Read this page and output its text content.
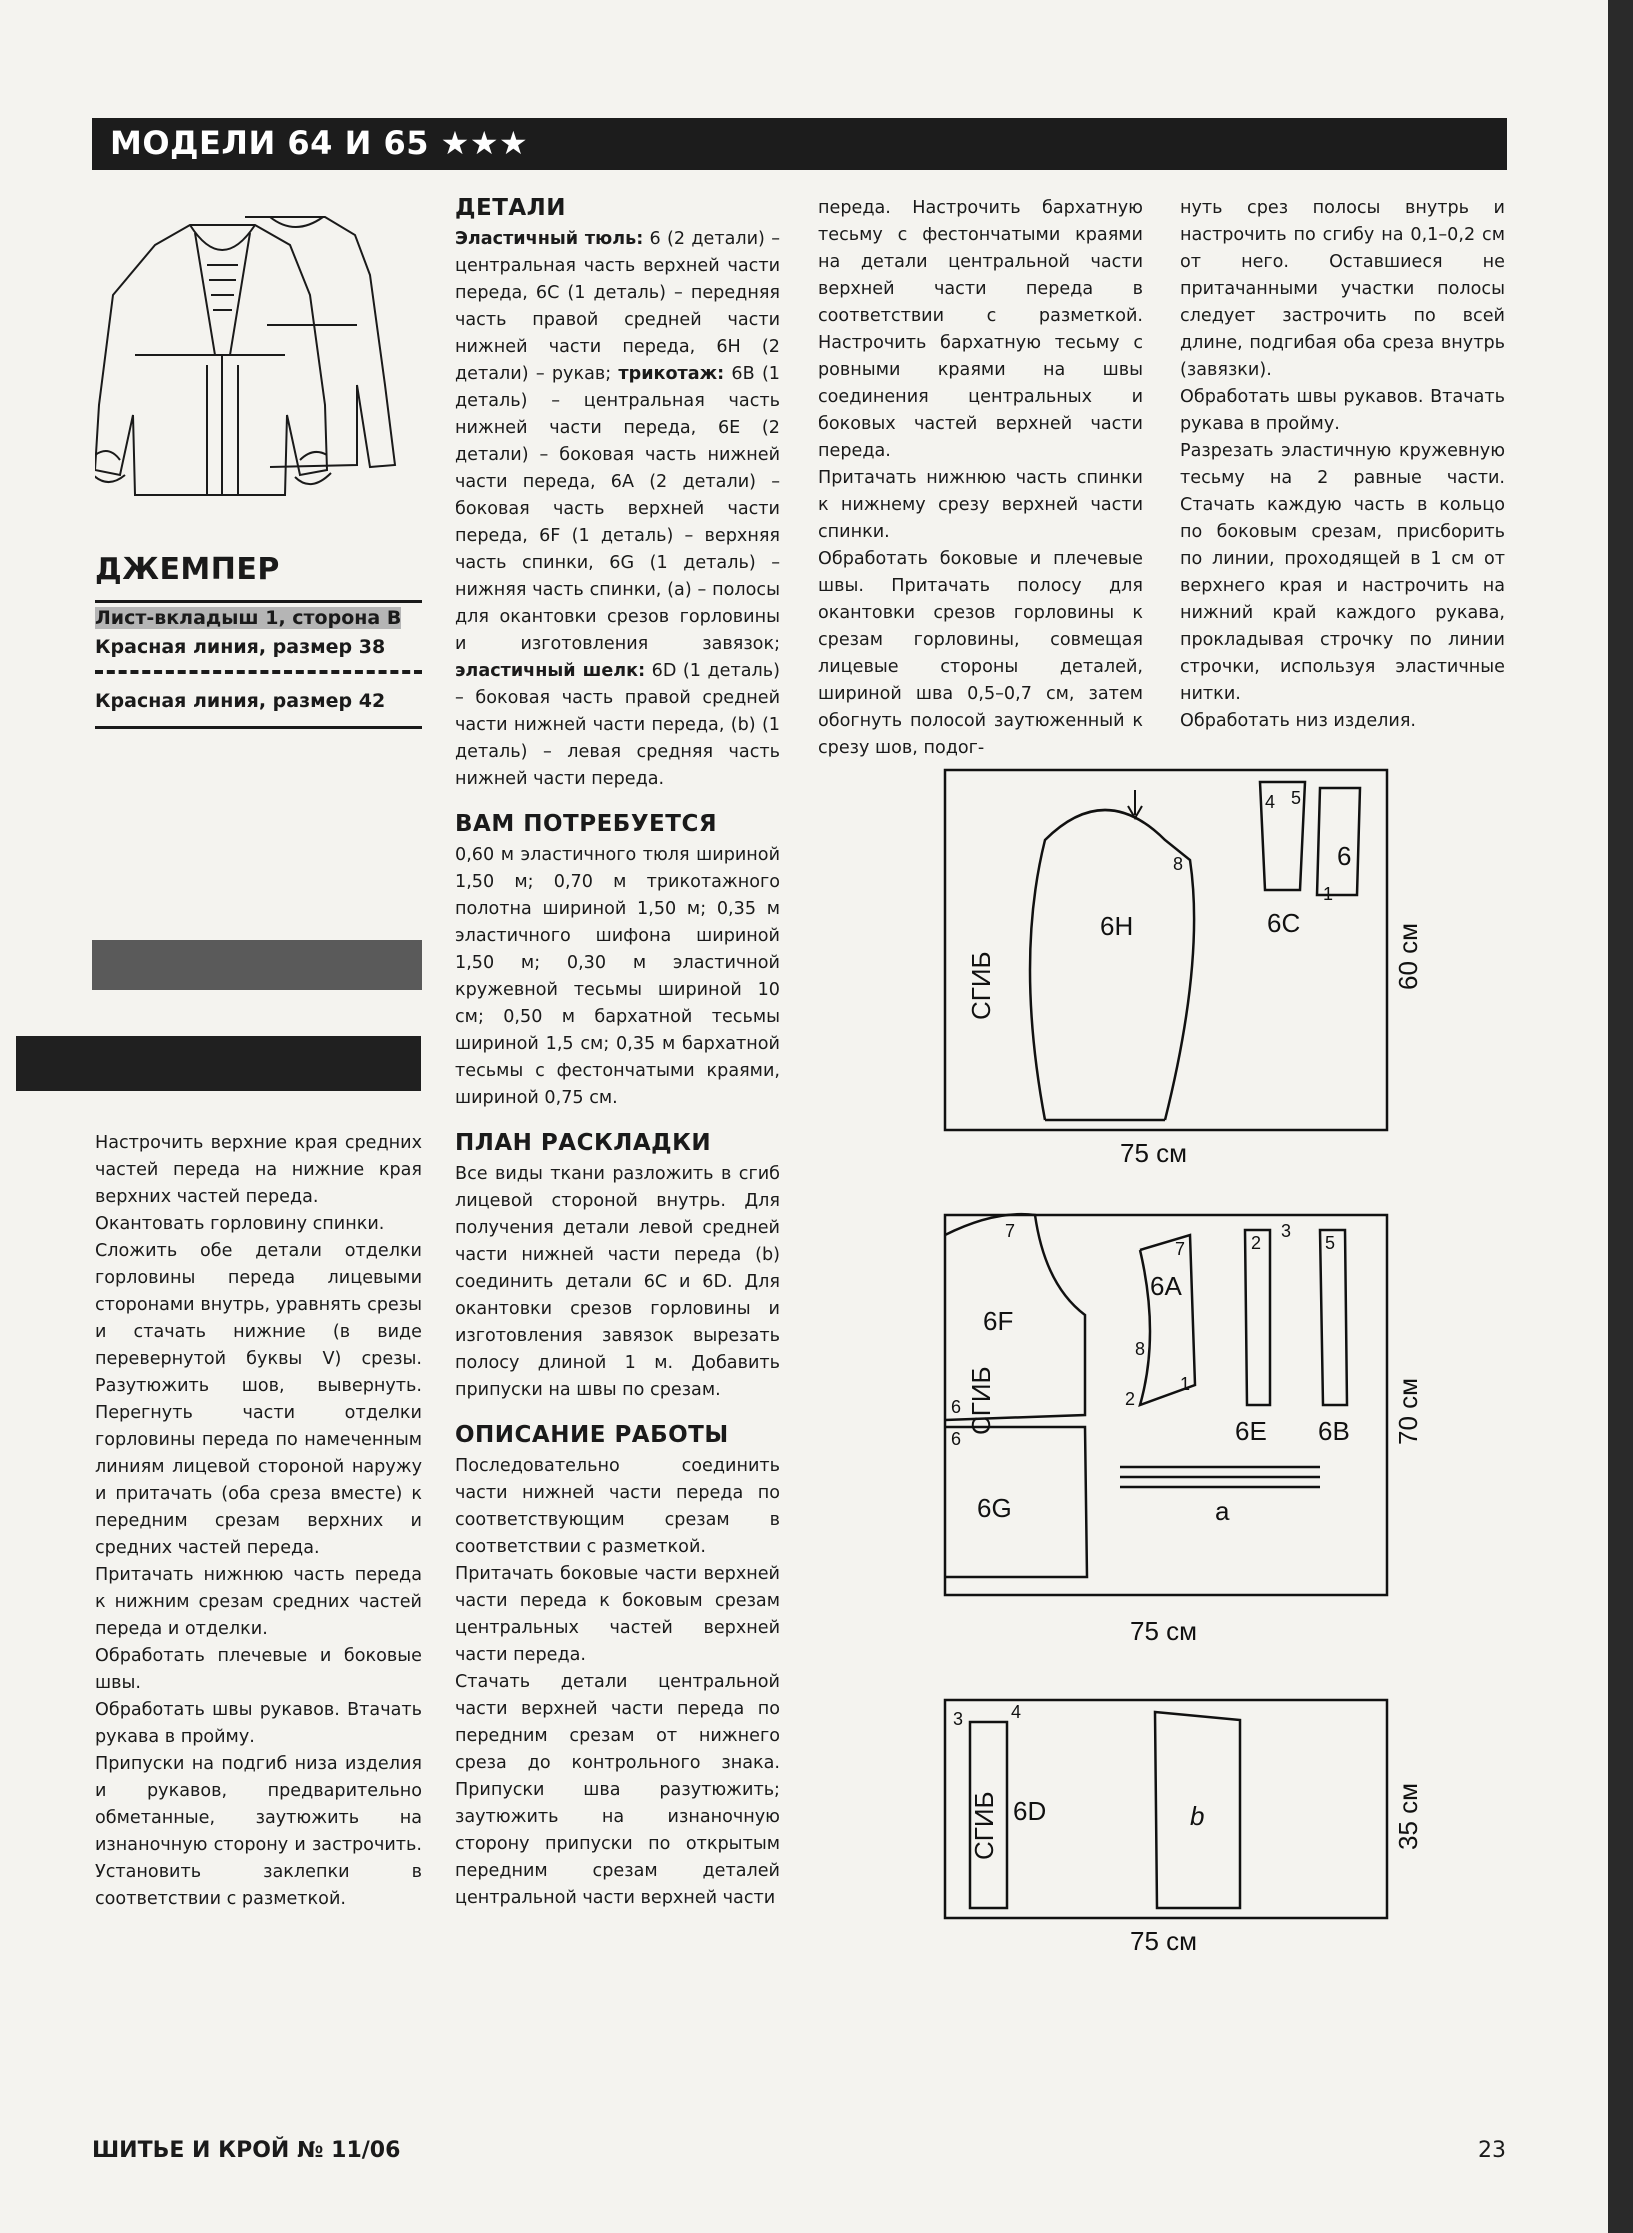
МОДЕЛИ 64 И 65 ★★★
ДЖЕМПЕР
Лист-вкладыш 1, сторона В
Красная линия, размер 38
Красная линия, размер 42

Настрочить верхние края средних частей переда на нижние края верхних частей переда.

Окантовать горловину спинки.

Сложить обе детали отделки горловины переда лицевыми сторонами внутрь, уравнять срезы и стачать нижние (в виде перевернутой буквы V) срезы. Разутюжить шов, вывернуть. Перегнуть части отделки горловины переда по намеченным линиям лицевой стороной наружу и притачать (оба среза вместе) к передним срезам верхних и средних частей переда.

Притачать нижнюю часть переда к нижним срезам средних частей переда и отделки.

Обработать плечевые и боковые швы.

Обработать швы рукавов. Втачать рукава в пройму.

Припуски на подгиб низа изделия и рукавов, предварительно обметанные, заутюжить на изнаночную сторону и застрочить. Установить заклепки в соответствии с разметкой.

ДЕТАЛИ

Эластичный тюль: 6 (2 детали) – центральная часть верхней части переда, 6С (1 деталь) – передняя часть правой средней части нижней части переда, 6Н (2 детали) – рукав; трикотаж: 6В (1 деталь) – центральная часть нижней части переда, 6Е (2 детали) – боковая часть нижней части переда, 6А (2 детали) – боковая часть верхней части переда, 6F (1 деталь) – верхняя часть спинки, 6G (1 деталь) – нижняя часть спинки, (а) – полосы для окантовки срезов горловины и изготовления завязок; эластичный шелк: 6D (1 деталь) – боковая часть правой средней части нижней части переда, (b) (1 деталь) – левая средняя часть нижней части переда.

ВАМ ПОТРЕБУЕТСЯ

0,60 м эластичного тюля шириной 1,50 м; 0,70 м трикотажного полотна шириной 1,50 м; 0,35 м эластичного шифона шириной 1,50 м; 0,30 м эластичной кружевной тесьмы шириной 10 см; 0,50 м бархатной тесьмы шириной 1,5 см; 0,35 м бархатной тесьмы с фестончатыми краями, шириной 0,75 см.

ПЛАН РАСКЛАДКИ

Все виды ткани разложить в сгиб лицевой стороной внутрь. Для получения детали левой средней части нижней части переда (b) соединить детали 6С и 6D. Для окантовки срезов горловины и изготовления завязок вырезать полосу длиной 1 м. Добавить припуски на швы по срезам.

ОПИСАНИЕ РАБОТЫ

Последовательно соединить части нижней части переда по соответствующим срезам в соответствии с разметкой.

Притачать боковые части верхней части переда к боковым срезам центральных частей верхней части переда.

Стачать детали центральной части верхней части переда по передним срезам от нижнего среза до контрольного знака. Припуски шва разутюжить; заутюжить на изнаночную сторону припуски по открытым передним срезам деталей центральной части верхней части

переда. Настрочить бархатную тесьму с фестончатыми краями на детали центральной части верхней части переда в соответствии с разметкой. Настрочить бархатную тесьму с ровными краями на швы соединения центральных и боковых частей верхней части переда.

Притачать нижнюю часть спинки к нижнему срезу верхней части спинки.

Обработать боковые и плечевые швы. Притачать полосу для окантовки срезов горловины к срезам горловины, совмещая лицевые стороны деталей, шириной шва 0,5–0,7 см, затем обогнуть полосой заутюженный к срезу шов, подог-

нуть срез полосы внутрь и настрочить по сгибу на 0,1–0,2 см от него. Оставшиеся не притачанными участки полосы следует застрочить по всей длине, подгибая оба среза внутрь (завязки).

Обработать швы рукавов. Втачать рукава в пройму.

Разрезать эластичную кружевную тесьму на 2 равные части. Стачать каждую часть в кольцо по боковым срезам, присборить по линии, проходящей в 1 см от верхнего края и настрочить на нижний край каждого рукава, прокладывая строчку по линии строчки, используя эластичные нитки.

Обработать низ изделия.

СГИБ
6H	6C
6
8
4 5
1
75 см
60 см
СГИБ
6F
6A
6G
6E 6B
a
7
7
8
1
2
2
3
5
6
6
75 см
70 см
СГИБ 6D	b
3	4
75 см
35 см
ШИТЬЕ И КРОЙ № 11/06	23
